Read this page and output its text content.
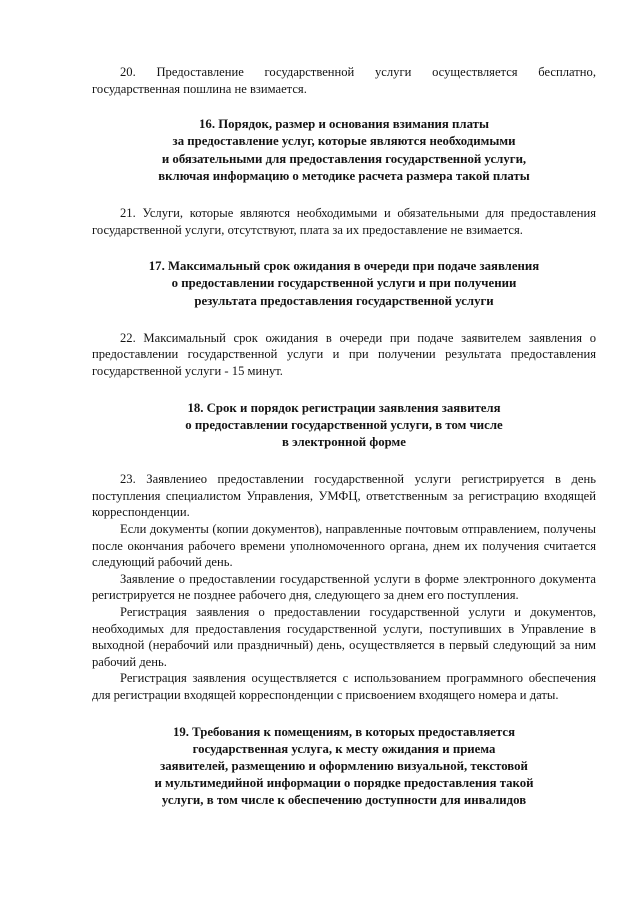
20. Предоставление государственной услуги осуществляется бесплатно, государственная пошлина не взимается.

16. Порядок, размер и основания взимания платы
за предоставление услуг, которые являются необходимыми
и обязательными для предоставления государственной услуги,
включая информацию о методике расчета размера такой платы

21. Услуги, которые являются необходимыми и обязательными для предоставления государственной услуги, отсутствуют, плата за их предоставление не взимается.

17. Максимальный срок ожидания в очереди при подаче заявления
о предоставлении государственной услуги и при получении
результата предоставления государственной услуги

22. Максимальный срок ожидания в очереди при подаче заявителем заявления о предоставлении государственной услуги и при получении результата предоставления государственной услуги - 15 минут.

18. Срок и порядок регистрации заявления заявителя
о предоставлении государственной услуги, в том числе
в электронной форме

23. Заявлениео предоставлении государственной услуги регистрируется в день поступления специалистом Управления, УМФЦ, ответственным за регистрацию входящей корреспонденции.

Если документы (копии документов), направленные почтовым отправлением, получены после окончания рабочего времени уполномоченного органа, днем их получения считается следующий рабочий день.

Заявление о предоставлении государственной услуги в форме электронного документа регистрируется не позднее рабочего дня, следующего за днем его поступления.

Регистрация заявления о предоставлении государственной услуги и документов, необходимых для предоставления государственной услуги, поступивших в Управление в выходной (нерабочий или праздничный) день, осуществляется в первый следующий за ним рабочий день.

Регистрация заявления осуществляется с использованием программного обеспечения для регистрации входящей корреспонденции с присвоением входящего номера и даты.

19. Требования к помещениям, в которых предоставляется
государственная услуга, к месту ожидания и приема
заявителей, размещению и оформлению визуальной, текстовой
и мультимедийной информации о порядке предоставления такой
услуги, в том числе к обеспечению доступности для инвалидов
